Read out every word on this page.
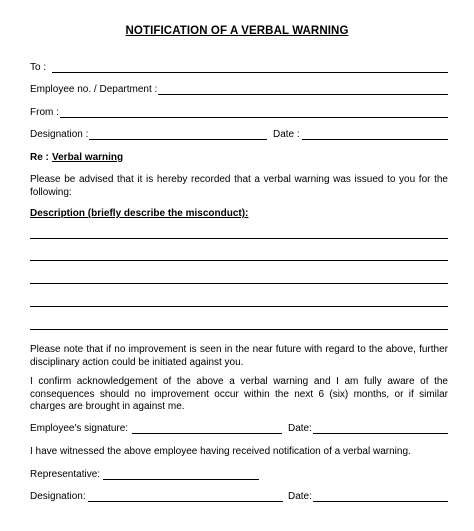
NOTIFICATION OF A VERBAL WARNING
To :
Employee no. / Department :
From :
Designation :	Date :
Re : Verbal warning
Please be advised that it is hereby recorded that a verbal warning was issued to you for the following:
Description (briefly describe the misconduct):
Please note that if no improvement is seen in the near future with regard to the above, further disciplinary action could be initiated against you.
I confirm acknowledgement of the above a verbal warning and I am fully aware of the consequences should no improvement occur within the next 6 (six) months, or if similar charges are brought in against me.
Employee's signature:	Date:
I have witnessed the above employee having received notification of a verbal warning.
Representative:
Designation:	Date:
